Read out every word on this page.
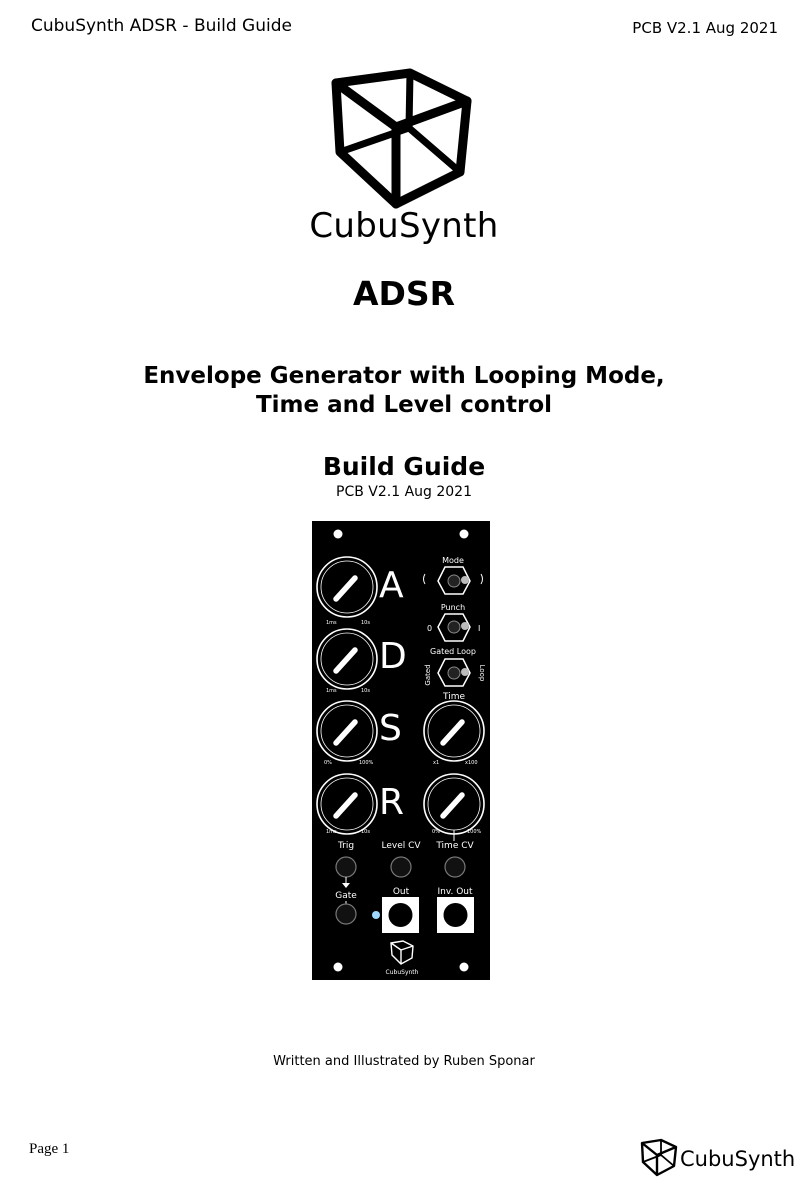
CubuSynth ADSR - Build Guide	PCB V2.1 Aug 2021
CubuSynth
ADSR
Envelope Generator with Looping Mode,
Time and Level control
Build Guide
PCB V2.1 Aug 2021
1ms	10s
A
1ms	10s
D
0%	100%
S
1ms	10s
R
Mode
Punch
0	I
Gated Loop
Gated	Loop
Time
x1	x100
0%	100%
Trig	Level CV Time CV
Gate	Out	Inv. Out
CubuSynth
Written and Illustrated by Ruben Sponar
Page 1	CubuSynth
